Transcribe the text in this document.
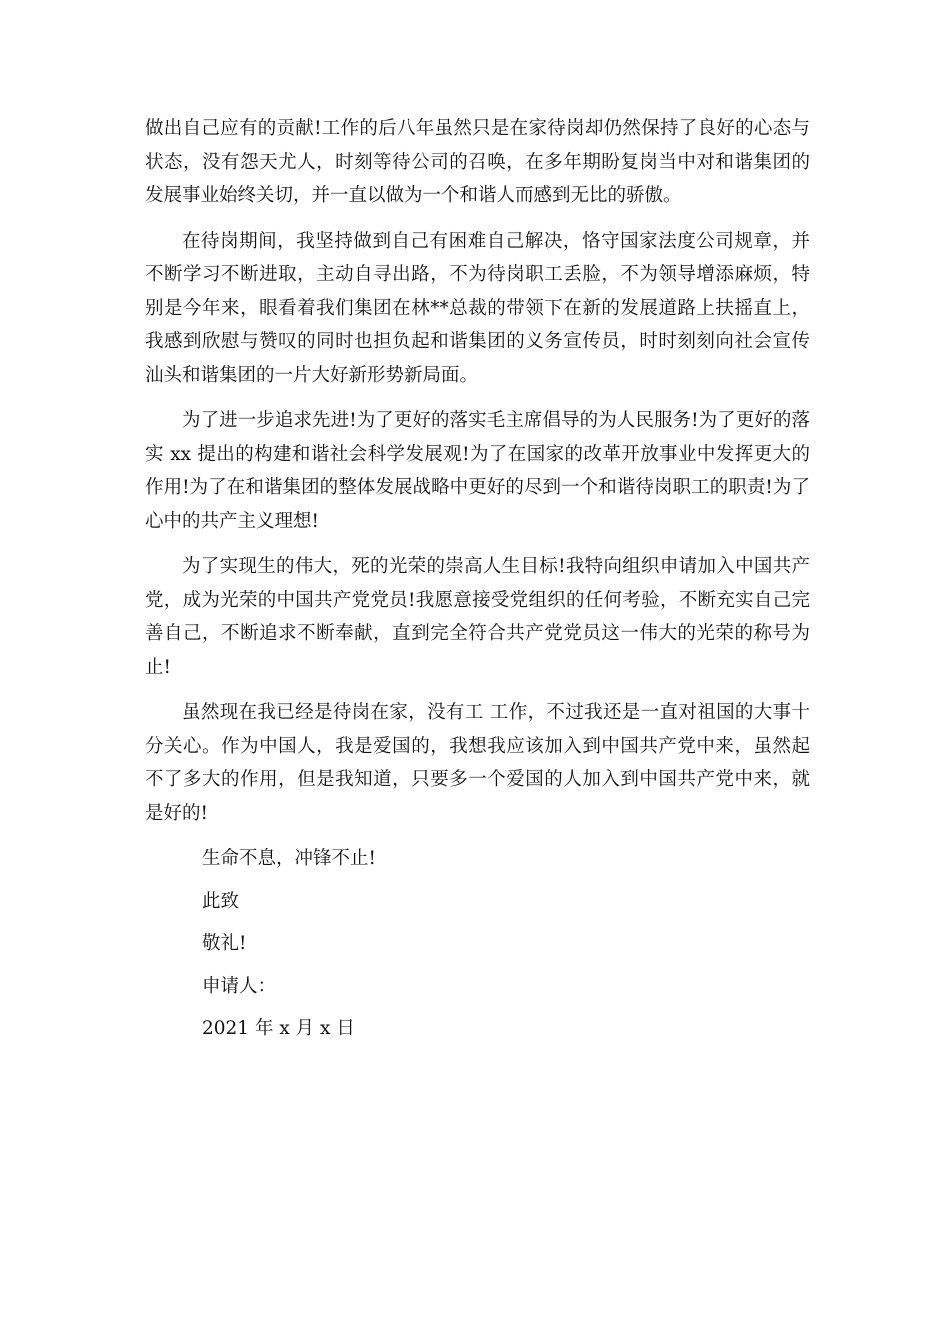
做出自己应有的贡献!工作的后八年虽然只是在家待岗却仍然保持了良好的心态与状态，没有怨天尤人，时刻等待公司的召唤，在多年期盼复岗当中对和谐集团的发展事业始终关切，并一直以做为一个和谐人而感到无比的骄傲。

在待岗期间，我坚持做到自己有困难自己解决，恪守国家法度公司规章，并不断学习不断进取，主动自寻出路，不为待岗职工丢脸，不为领导增添麻烦，特别是今年来，眼看着我们集团在林**总裁的带领下在新的发展道路上扶摇直上，我感到欣慰与赞叹的同时也担负起和谐集团的义务宣传员，时时刻刻向社会宣传汕头和谐集团的一片大好新形势新局面。

为了进一步追求先进!为了更好的落实毛主席倡导的为人民服务!为了更好的落实 xx 提出的构建和谐社会科学发展观!为了在国家的改革开放事业中发挥更大的作用!为了在和谐集团的整体发展战略中更好的尽到一个和谐待岗职工的职责!为了心中的共产主义理想!

为了实现生的伟大，死的光荣的崇高人生目标!我特向组织申请加入中国共产党，成为光荣的中国共产党党员!我愿意接受党组织的任何考验，不断充实自己完善自己，不断追求不断奉献，直到完全符合共产党党员这一伟大的光荣的称号为止!

虽然现在我已经是待岗在家，没有工 工作，不过我还是一直对祖国的大事十分关心。作为中国人，我是爱国的，我想我应该加入到中国共产党中来，虽然起不了多大的作用，但是我知道，只要多一个爱国的人加入到中国共产党中来，就是好的!

生命不息，冲锋不止!

此致

敬礼!

申请人：

2021 年 x 月 x 日
